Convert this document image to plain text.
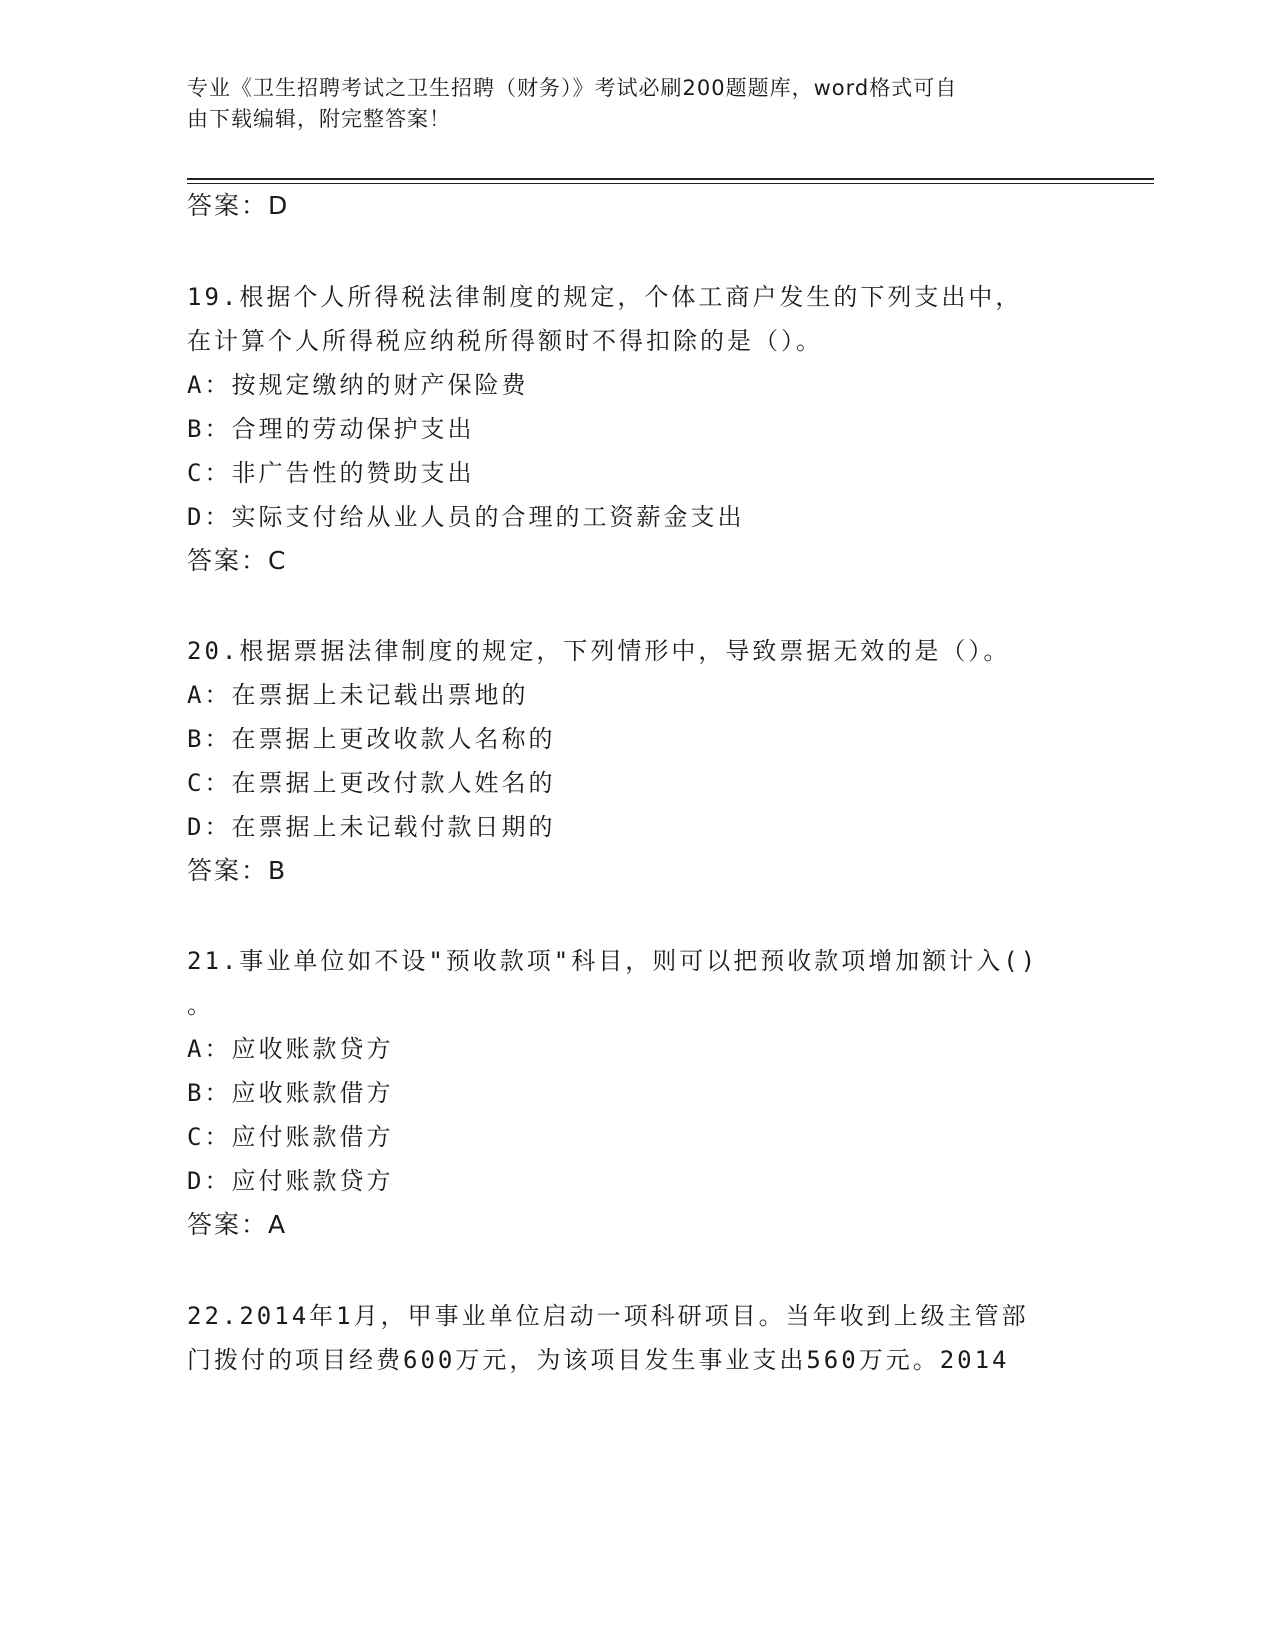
专业《卫生招聘考试之卫生招聘（财务）》考试必刷200题题库，word格式可自
由下载编辑，附完整答案！
答案：D
19.根据个人所得税法律制度的规定，个体工商户发生的下列支出中，
在计算个人所得税应纳税所得额时不得扣除的是（）。
A：按规定缴纳的财产保险费
B：合理的劳动保护支出
C：非广告性的赞助支出
D：实际支付给从业人员的合理的工资薪金支出
答案：C
20.根据票据法律制度的规定，下列情形中，导致票据无效的是（）。
A：在票据上未记载出票地的
B：在票据上更改收款人名称的
C：在票据上更改付款人姓名的
D：在票据上未记载付款日期的
答案：B
21.事业单位如不设"预收款项"科目，则可以把预收款项增加额计入()
。
A：应收账款贷方
B：应收账款借方
C：应付账款借方
D：应付账款贷方
答案：A
22.2014年1月，甲事业单位启动一项科研项目。当年收到上级主管部
门拨付的项目经费600万元，为该项目发生事业支出560万元。2014
